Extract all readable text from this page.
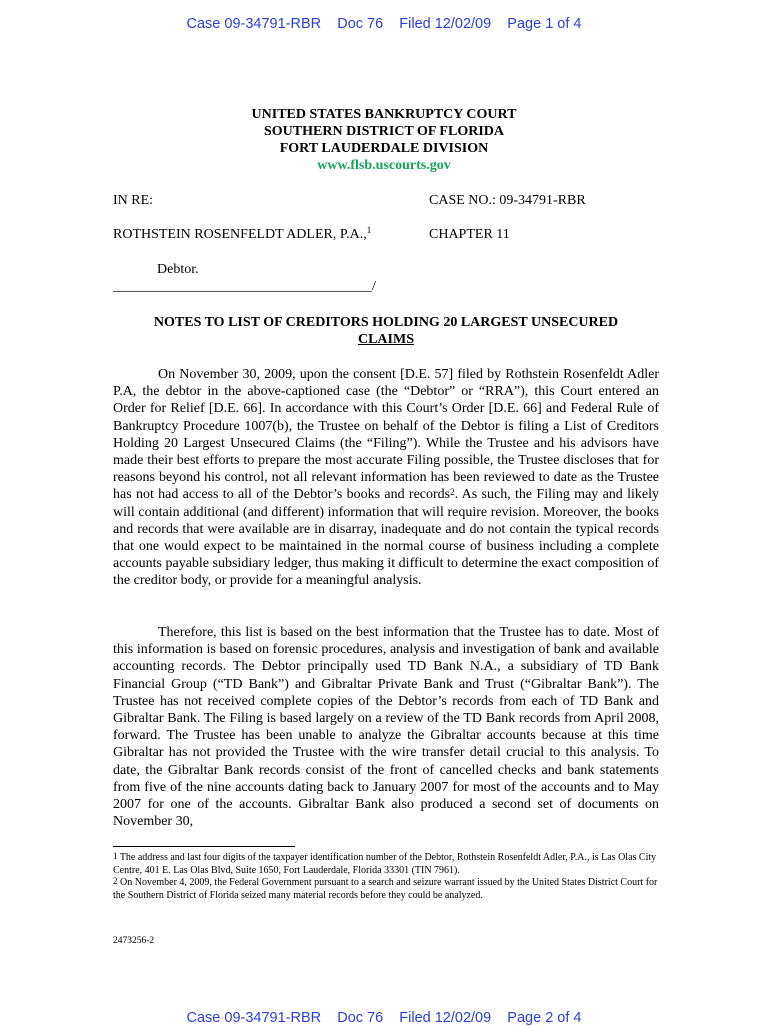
Case 09-34791-RBR    Doc 76    Filed 12/02/09    Page 1 of 4
UNITED STATES BANKRUPTCY COURT
SOUTHERN DISTRICT OF FLORIDA
FORT LAUDERDALE DIVISION
www.flsb.uscourts.gov
IN RE:	CASE NO.: 09-34791-RBR
ROTHSTEIN ROSENFELDT ADLER, P.A.,$^1$	CHAPTER 11
Debtor.
_____________________________________/
NOTES TO LIST OF CREDITORS HOLDING 20 LARGEST UNSECURED
CLAIMS

On November 30, 2009, upon the consent [D.E. 57] filed by Rothstein Rosenfeldt Adler P.A, the debtor in the above-captioned case (the “Debtor” or “RRA”), this Court entered an Order for Relief [D.E. 66]. In accordance with this Court’s Order [D.E. 66] and Federal Rule of Bankruptcy Procedure 1007(b), the Trustee on behalf of the Debtor is filing a List of Creditors Holding 20 Largest Unsecured Claims (the “Filing”). While the Trustee and his advisors have made their best efforts to prepare the most accurate Filing possible, the Trustee discloses that for reasons beyond his control, not all relevant information has been reviewed to date as the Trustee has not had access to all of the Debtor’s books and records$^2$. As such, the Filing may and likely will contain additional (and different) information that will require revision. Moreover, the books and records that were available are in disarray, inadequate and do not contain the typical records that one would expect to be maintained in the normal course of business including a complete accounts payable subsidiary ledger, thus making it difficult to determine the exact composition of the creditor body, or provide for a meaningful analysis.

Therefore, this list is based on the best information that the Trustee has to date. Most of this information is based on forensic procedures, analysis and investigation of bank and available accounting records. The Debtor principally used TD Bank N.A., a subsidiary of TD Bank Financial Group (“TD Bank”) and Gibraltar Private Bank and Trust (“Gibraltar Bank”). The Trustee has not received complete copies of the Debtor’s records from each of TD Bank and Gibraltar Bank. The Filing is based largely on a review of the TD Bank records from April 2008, forward. The Trustee has been unable to analyze the Gibraltar accounts because at this time Gibraltar has not provided the Trustee with the wire transfer detail crucial to this analysis. To date, the Gibraltar Bank records consist of the front of cancelled checks and bank statements from five of the nine accounts dating back to January 2007 for most of the accounts and to May 2007 for one of the accounts. Gibraltar Bank also produced a second set of documents on November 30,

$^1$ The address and last four digits of the taxpayer identification number of the Debtor, Rothstein Rosenfeldt Adler, P.A., is Las Olas City Centre, 401 E. Las Olas Blvd, Suite 1650, Fort Lauderdale, Florida 33301 (TIN 7961).
$^2$ On November 4, 2009, the Federal Government pursuant to a search and seizure warrant issued by the United States District Court for the Southern District of Florida seized many material records before they could be analyzed.
2473256-2
Case 09-34791-RBR    Doc 76    Filed 12/02/09    Page 2 of 4
